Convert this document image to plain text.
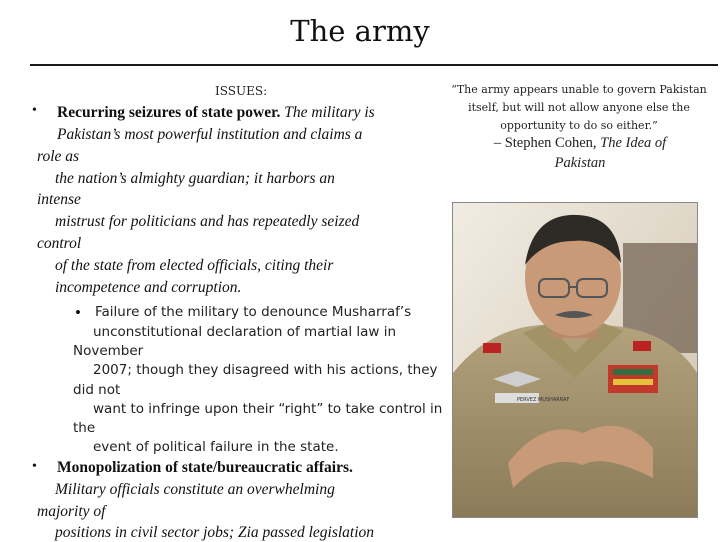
The army
ISSUES:
• Recurring seizures of state power. The military is
Pakistan’s most powerful institution and claims a
role as
the nation’s almighty guardian; it harbors an
intense
mistrust for politicians and has repeatedly seized
control
of the state from elected officials, citing their
incompetence and corruption.
• Failure of the military to denounce Musharraf’s
unconstitutional declaration of martial law in
November
2007; though they disagreed with his actions, they
did not
want to infringe upon their “right” to take control in
the
event of political failure in the state.
• Monopolization of state/bureaucratic affairs.
Military officials constitute an overwhelming
majority of
positions in civil sector jobs; Zia passed legislation
“The army appears unable to govern Pakistan itself, but will not allow anyone else the opportunity to do so either.”
– Stephen Cohen, The Idea of Pakistan
PERVEZ MUSHARRAF
